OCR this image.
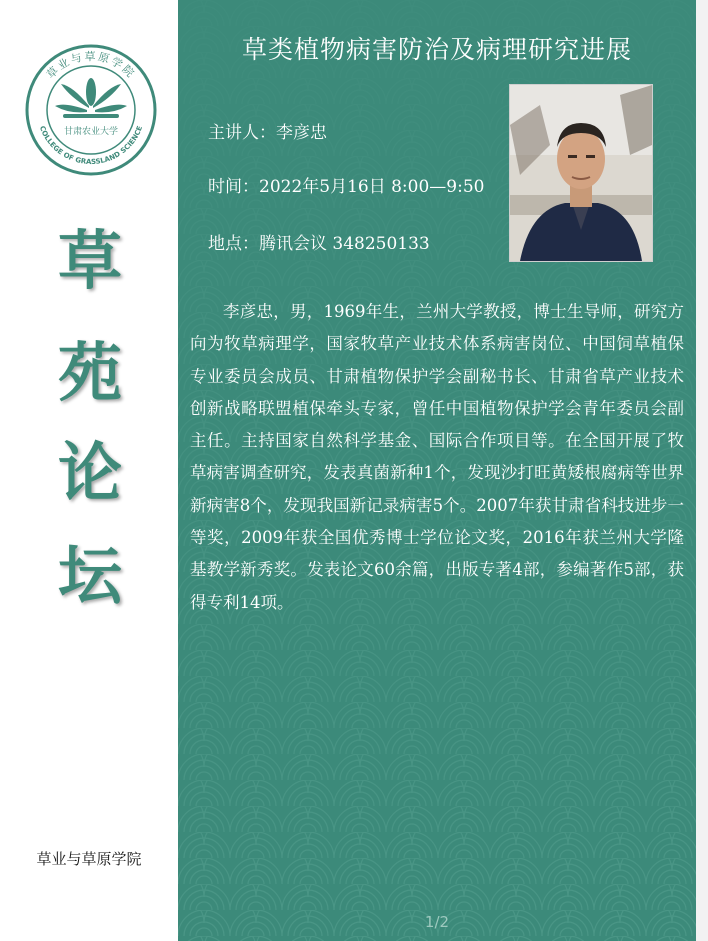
草业与草原学院
COLLEGE OF GRASSLAND SCIENCE
甘肃农业大学
草
苑
论
坛
草业与草原学院
草类植物病害防治及病理研究进展
主讲人：李彦忠
时间：2022年5月16日 8:00—9:50
地点：腾讯会议 348250133

李彦忠，男，1969年生，兰州大学教授，博士生导师，研究方向为牧草病理学，国家牧草产业技术体系病害岗位、中国饲草植保专业委员会成员、甘肃植物保护学会副秘书长、甘肃省草产业技术创新战略联盟植保牵头专家，曾任中国植物保护学会青年委员会副主任。主持国家自然科学基金、国际合作项目等。在全国开展了牧草病害调查研究，发表真菌新种1个，发现沙打旺黄矮根腐病等世界新病害8个，发现我国新记录病害5个。2007年获甘肃省科技进步一等奖，2009年获全国优秀博士学位论文奖，2016年获兰州大学隆基教学新秀奖。发表论文60余篇，出版专著4部，参编著作5部，获得专利14项。

1/2
